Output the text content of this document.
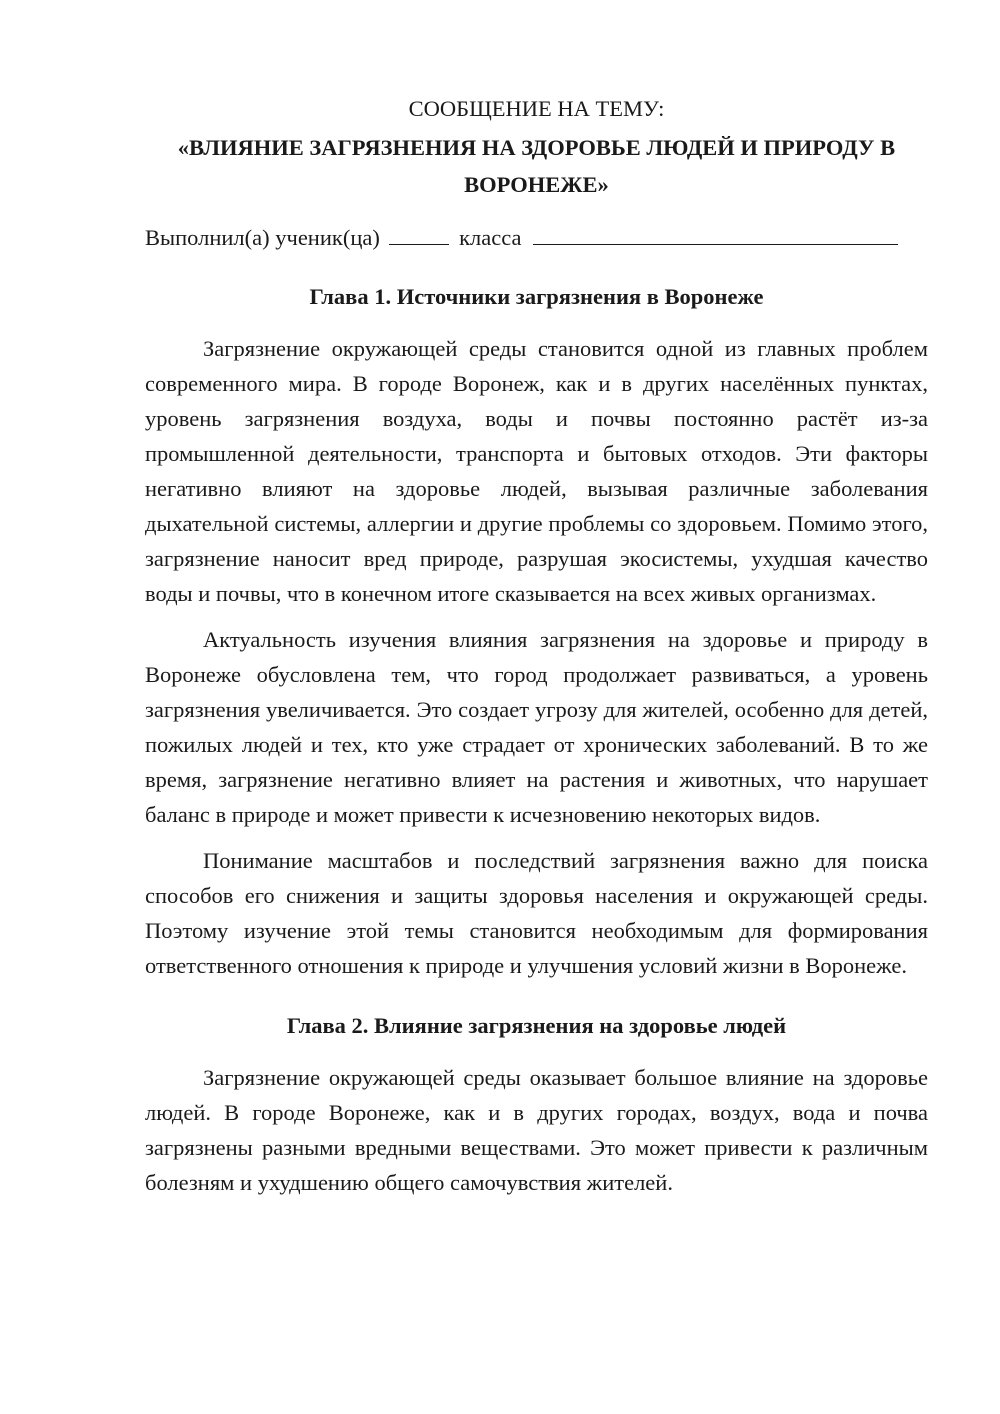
СООБЩЕНИЕ НА ТЕМУ:

«ВЛИЯНИЕ ЗАГРЯЗНЕНИЯ НА ЗДОРОВЬЕ ЛЮДЕЙ И ПРИРОДУ В ВОРОНЕЖЕ»

Выполнил(а) ученик(ца)	класса

Глава 1. Источники загрязнения в Воронеже

Загрязнение окружающей среды становится одной из главных проблем современного мира. В городе Воронеж, как и в других населённых пунктах, уровень загрязнения воздуха, воды и почвы постоянно растёт из-за промышленной деятельности, транспорта и бытовых отходов. Эти факторы негативно влияют на здоровье людей, вызывая различные заболевания дыхательной системы, аллергии и другие проблемы со здоровьем. Помимо этого, загрязнение наносит вред природе, разрушая экосистемы, ухудшая качество воды и почвы, что в конечном итоге сказывается на всех живых организмах.

Актуальность изучения влияния загрязнения на здоровье и природу в Воронеже обусловлена тем, что город продолжает развиваться, а уровень загрязнения увеличивается. Это создает угрозу для жителей, особенно для детей, пожилых людей и тех, кто уже страдает от хронических заболеваний. В то же время, загрязнение негативно влияет на растения и животных, что нарушает баланс в природе и может привести к исчезновению некоторых видов.

Понимание масштабов и последствий загрязнения важно для поиска способов его снижения и защиты здоровья населения и окружающей среды. Поэтому изучение этой темы становится необходимым для формирования ответственного отношения к природе и улучшения условий жизни в Воронеже.

Глава 2. Влияние загрязнения на здоровье людей

Загрязнение окружающей среды оказывает большое влияние на здоровье людей. В городе Воронеже, как и в других городах, воздух, вода и почва загрязнены разными вредными веществами. Это может привести к различным болезням и ухудшению общего самочувствия жителей.
